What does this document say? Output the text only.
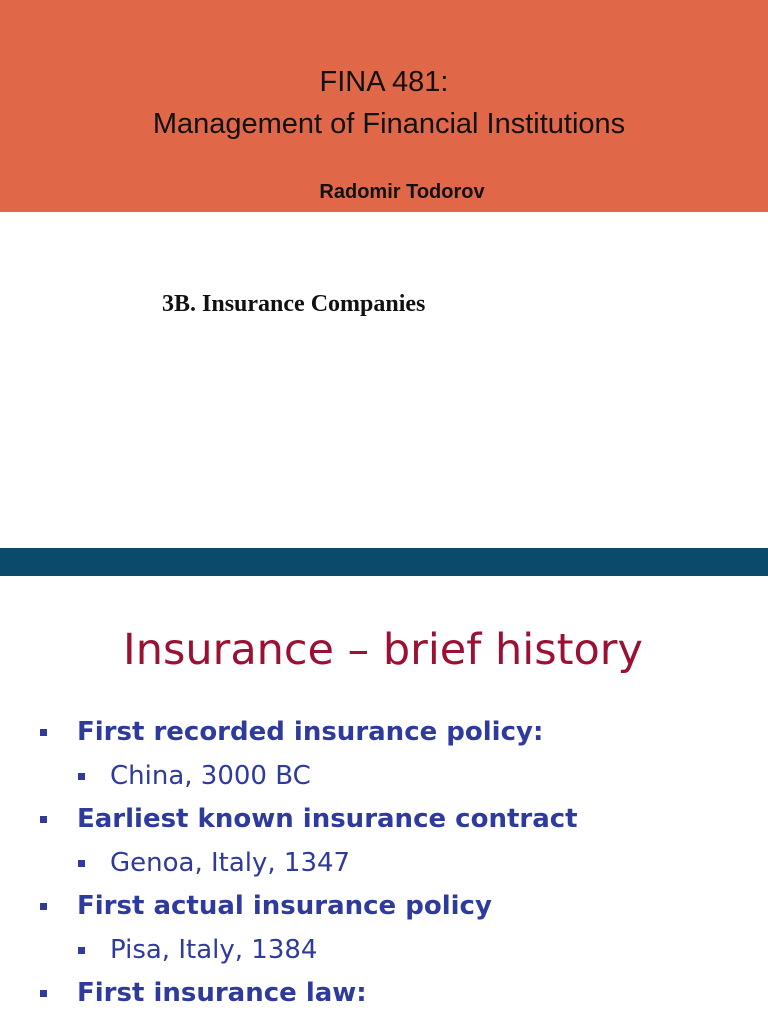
FINA 481:
Management of Financial Institutions
Radomir Todorov
3B. Insurance Companies
Insurance – brief history
First recorded insurance policy:
China, 3000 BC
Earliest known insurance contract
Genoa, Italy, 1347
First actual insurance policy
Pisa, Italy, 1384
First insurance law:
